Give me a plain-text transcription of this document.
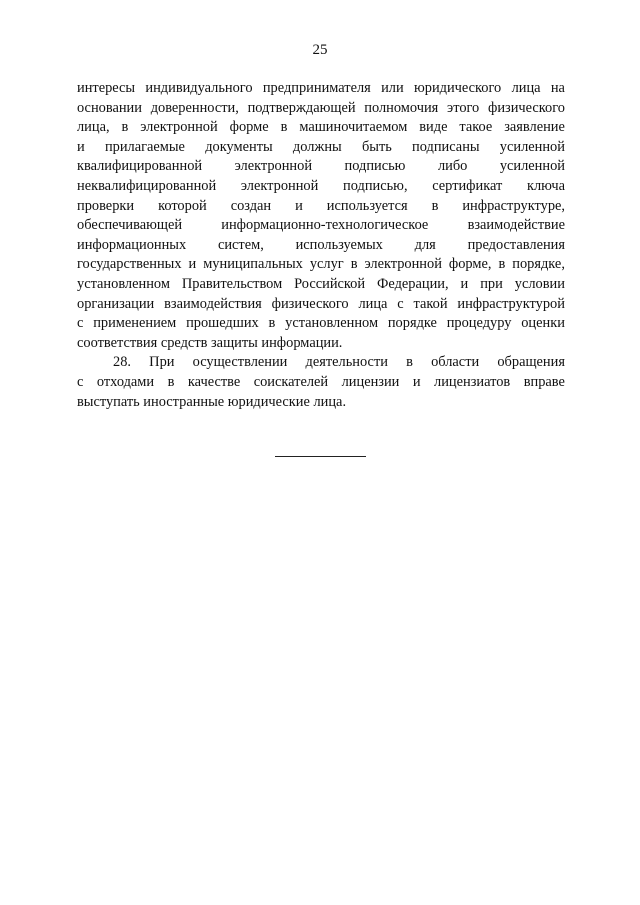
25
интересы индивидуального предпринимателя или юридического лица на
основании доверенности, подтверждающей полномочия этого физического
лица, в электронной форме в машиночитаемом виде такое заявление
и прилагаемые документы должны быть подписаны усиленной
квалифицированной электронной подписью либо усиленной
неквалифицированной электронной подписью, сертификат ключа
проверки которой создан и используется в инфраструктуре,
обеспечивающей	информационно-технологическое	взаимодействие
информационных систем, используемых для предоставления
государственных и муниципальных услуг в электронной форме, в порядке,
установленном Правительством Российской Федерации, и при условии
организации взаимодействия физического лица с такой инфраструктурой
с применением прошедших в установленном порядке процедуру оценки
соответствия средств защиты информации.
28. При осуществлении деятельности в области обращения
с отходами в качестве соискателей лицензии и лицензиатов вправе
выступать иностранные юридические лица.
